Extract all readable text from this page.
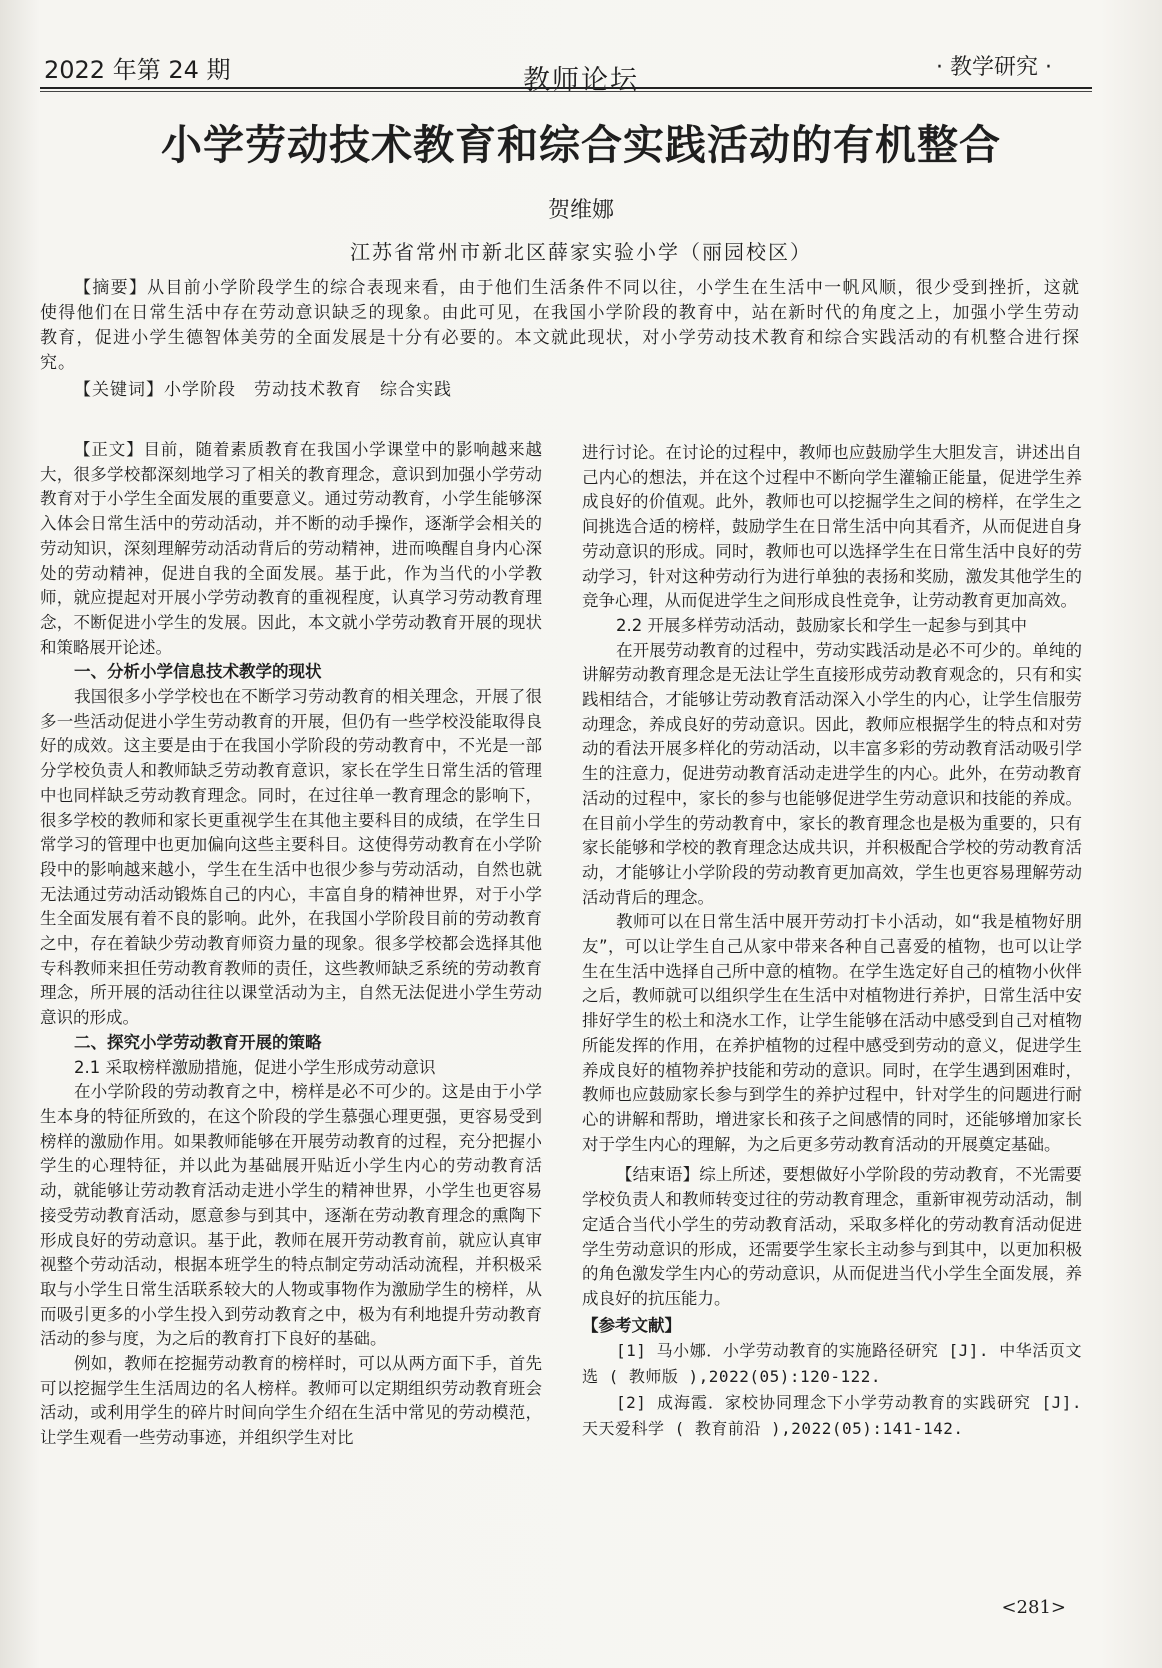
2022 年第 24 期	教师论坛	· 教学研究 ·
小学劳动技术教育和综合实践活动的有机整合
贺维娜
江苏省常州市新北区薛家实验小学（丽园校区）
【摘要】从目前小学阶段学生的综合表现来看，由于他们生活条件不同以往，小学生在生活中一帆风顺，很少受到挫折，这就使得他们在日常生活中存在劳动意识缺乏的现象。由此可见，在我国小学阶段的教育中，站在新时代的角度之上，加强小学生劳动教育，促进小学生德智体美劳的全面发展是十分有必要的。本文就此现状，对小学劳动技术教育和综合实践活动的有机整合进行探究。
【关键词】小学阶段　劳动技术教育　综合实践
【正文】目前，随着素质教育在我国小学课堂中的影响越来越大，很多学校都深刻地学习了相关的教育理念，意识到加强小学劳动教育对于小学生全面发展的重要意义。通过劳动教育，小学生能够深入体会日常生活中的劳动活动，并不断的动手操作，逐渐学会相关的劳动知识，深刻理解劳动活动背后的劳动精神，进而唤醒自身内心深处的劳动精神，促进自我的全面发展。基于此，作为当代的小学教师，就应提起对开展小学劳动教育的重视程度，认真学习劳动教育理念，不断促进小学生的发展。因此，本文就小学劳动教育开展的现状和策略展开论述。
一、分析小学信息技术教学的现状
我国很多小学学校也在不断学习劳动教育的相关理念，开展了很多一些活动促进小学生劳动教育的开展，但仍有一些学校没能取得良好的成效。这主要是由于在我国小学阶段的劳动教育中，不光是一部分学校负责人和教师缺乏劳动教育意识，家长在学生日常生活的管理中也同样缺乏劳动教育理念。同时，在过往单一教育理念的影响下，很多学校的教师和家长更重视学生在其他主要科目的成绩，在学生日常学习的管理中也更加偏向这些主要科目。这使得劳动教育在小学阶段中的影响越来越小，学生在生活中也很少参与劳动活动，自然也就无法通过劳动活动锻炼自己的内心，丰富自身的精神世界，对于小学生全面发展有着不良的影响。此外，在我国小学阶段目前的劳动教育之中，存在着缺少劳动教育师资力量的现象。很多学校都会选择其他专科教师来担任劳动教育教师的责任，这些教师缺乏系统的劳动教育理念，所开展的活动往往以课堂活动为主，自然无法促进小学生劳动意识的形成。
二、探究小学劳动教育开展的策略
2.1 采取榜样激励措施，促进小学生形成劳动意识
在小学阶段的劳动教育之中，榜样是必不可少的。这是由于小学生本身的特征所致的，在这个阶段的学生慕强心理更强，更容易受到榜样的激励作用。如果教师能够在开展劳动教育的过程，充分把握小学生的心理特征，并以此为基础展开贴近小学生内心的劳动教育活动，就能够让劳动教育活动走进小学生的精神世界，小学生也更容易接受劳动教育活动，愿意参与到其中，逐渐在劳动教育理念的熏陶下形成良好的劳动意识。基于此，教师在展开劳动教育前，就应认真审视整个劳动活动，根据本班学生的特点制定劳动活动流程，并积极采取与小学生日常生活联系较大的人物或事物作为激励学生的榜样，从而吸引更多的小学生投入到劳动教育之中，极为有利地提升劳动教育活动的参与度，为之后的教育打下良好的基础。
例如，教师在挖掘劳动教育的榜样时，可以从两方面下手，首先可以挖掘学生生活周边的名人榜样。教师可以定期组织劳动教育班会活动，或利用学生的碎片时间向学生介绍在生活中常见的劳动模范，让学生观看一些劳动事迹，并组织学生对比
进行讨论。在讨论的过程中，教师也应鼓励学生大胆发言，讲述出自己内心的想法，并在这个过程中不断向学生灌输正能量，促进学生养成良好的价值观。此外，教师也可以挖掘学生之间的榜样，在学生之间挑选合适的榜样，鼓励学生在日常生活中向其看齐，从而促进自身劳动意识的形成。同时，教师也可以选择学生在日常生活中良好的劳动学习，针对这种劳动行为进行单独的表扬和奖励，激发其他学生的竞争心理，从而促进学生之间形成良性竞争，让劳动教育更加高效。
2.2 开展多样劳动活动，鼓励家长和学生一起参与到其中
在开展劳动教育的过程中，劳动实践活动是必不可少的。单纯的讲解劳动教育理念是无法让学生直接形成劳动教育观念的，只有和实践相结合，才能够让劳动教育活动深入小学生的内心，让学生信服劳动理念，养成良好的劳动意识。因此，教师应根据学生的特点和对劳动的看法开展多样化的劳动活动，以丰富多彩的劳动教育活动吸引学生的注意力，促进劳动教育活动走进学生的内心。此外，在劳动教育活动的过程中，家长的参与也能够促进学生劳动意识和技能的养成。在目前小学生的劳动教育中，家长的教育理念也是极为重要的，只有家长能够和学校的教育理念达成共识，并积极配合学校的劳动教育活动，才能够让小学阶段的劳动教育更加高效，学生也更容易理解劳动活动背后的理念。
教师可以在日常生活中展开劳动打卡小活动，如“我是植物好朋友”，可以让学生自己从家中带来各种自己喜爱的植物，也可以让学生在生活中选择自己所中意的植物。在学生选定好自己的植物小伙伴之后，教师就可以组织学生在生活中对植物进行养护，日常生活中安排好学生的松土和浇水工作，让学生能够在活动中感受到自己对植物所能发挥的作用，在养护植物的过程中感受到劳动的意义，促进学生养成良好的植物养护技能和劳动的意识。同时，在学生遇到困难时，教师也应鼓励家长参与到学生的养护过程中，针对学生的问题进行耐心的讲解和帮助，增进家长和孩子之间感情的同时，还能够增加家长对于学生内心的理解，为之后更多劳动教育活动的开展奠定基础。
【结束语】综上所述，要想做好小学阶段的劳动教育，不光需要学校负责人和教师转变过往的劳动教育理念，重新审视劳动活动，制定适合当代小学生的劳动教育活动，采取多样化的劳动教育活动促进学生劳动意识的形成，还需要学生家长主动参与到其中，以更加积极的角色激发学生内心的劳动意识，从而促进当代小学生全面发展，养成良好的抗压能力。
【参考文献】
[1] 马小娜．小学劳动教育的实施路径研究 [J]. 中华活页文选 ( 教师版 ),2022(05):120-122.
[2] 成海霞．家校协同理念下小学劳动教育的实践研究 [J]. 天天爱科学 ( 教育前沿 ),2022(05):141-142.
<281>
